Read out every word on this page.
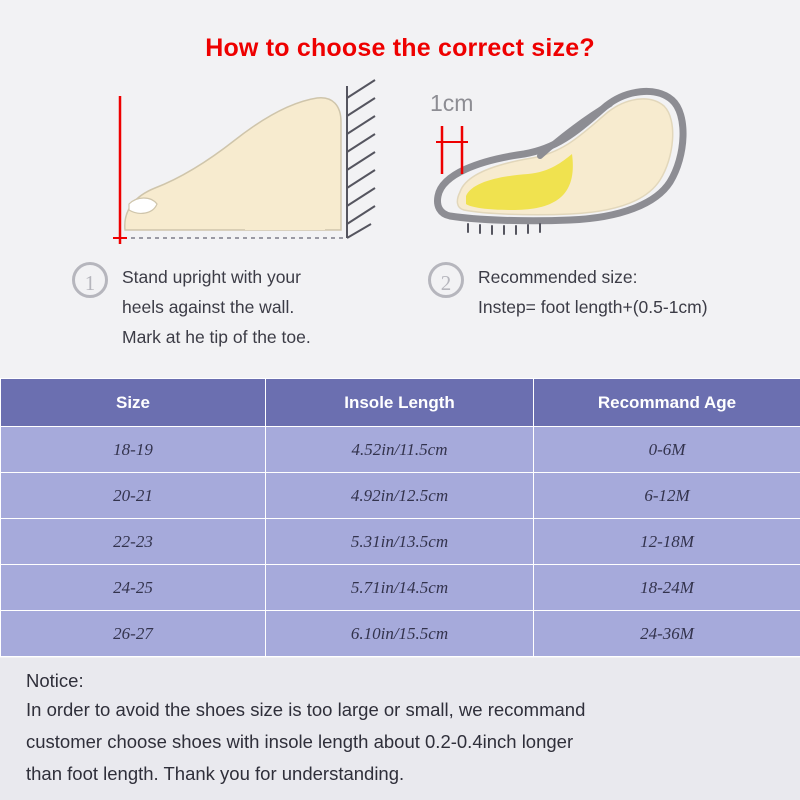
How to choose the correct size?
1cm
1	Stand upright with your
heels against the wall.
Mark at he tip of the toe.
2	Recommended size:
Instep= foot length+(0.5-1cm)
Size	Insole Length	Recommand Age
18-19	4.52in/11.5cm	0-6M
20-21	4.92in/12.5cm	6-12M
22-23	5.31in/13.5cm	12-18M
24-25	5.71in/14.5cm	18-24M
26-27	6.10in/15.5cm	24-36M
Notice:
In order to avoid the shoes size is too large or small, we recommand
customer choose shoes with insole length about 0.2-0.4inch longer
than foot length. Thank you for understanding.
